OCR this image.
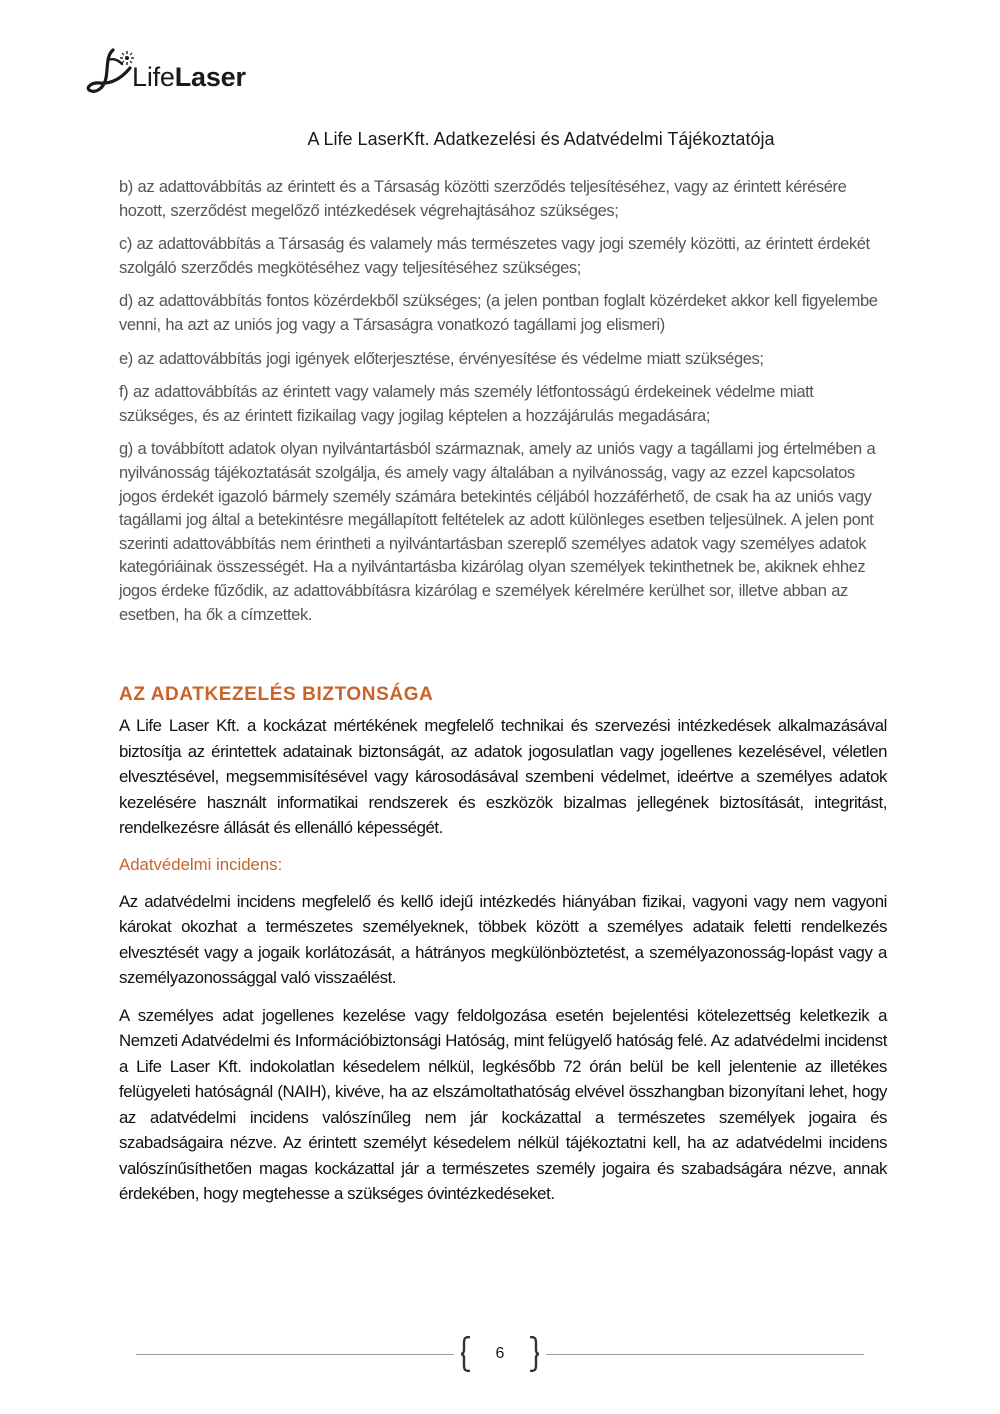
LifeLaser
A Life LaserKft. Adatkezelési és Adatvédelmi Tájékoztatója

b) az adattovábbítás az érintett és a Társaság közötti szerződés teljesítéséhez, vagy az érintett kérésére hozott, szerződést megelőző intézkedések végrehajtásához szükséges;

c) az adattovábbítás a Társaság és valamely más természetes vagy jogi személy közötti, az érintett érdekét szolgáló szerződés megkötéséhez vagy teljesítéséhez szükséges;

d) az adattovábbítás fontos közérdekből szükséges; (a jelen pontban foglalt közérdeket akkor kell figyelembe venni, ha azt az uniós jog vagy a Társaságra vonatkozó tagállami jog elismeri)

e) az adattovábbítás jogi igények előterjesztése, érvényesítése és védelme miatt szükséges;

f) az adattovábbítás az érintett vagy valamely más személy létfontosságú érdekeinek védelme miatt szükséges, és az érintett fizikailag vagy jogilag képtelen a hozzájárulás megadására;

g) a továbbított adatok olyan nyilvántartásból származnak, amely az uniós vagy a tagállami jog értelmében a nyilvánosság tájékoztatását szolgálja, és amely vagy általában a nyilvánosság, vagy az ezzel kapcsolatos jogos érdekét igazoló bármely személy számára betekintés céljából hozzáférhető, de csak ha az uniós vagy tagállami jog által a betekintésre megállapított feltételek az adott különleges esetben teljesülnek. A jelen pont szerinti adattovábbítás nem érintheti a nyilvántartásban szereplő személyes adatok vagy személyes adatok kategóriáinak összességét. Ha a nyilvántartásba kizárólag olyan személyek tekinthetnek be, akiknek ehhez jogos érdeke fűződik, az adattovábbításra kizárólag e személyek kérelmére kerülhet sor, illetve abban az esetben, ha ők a címzettek.

AZ ADATKEZELÉS BIZTONSÁGA

A Life Laser Kft. a kockázat mértékének megfelelő technikai és szervezési intézkedések alkalmazásával biztosítja az érintettek adatainak biztonságát, az adatok jogosulatlan vagy jogellenes kezelésével, véletlen elvesztésével, megsemmisítésével vagy károsodásával szembeni védelmet, ideértve a személyes adatok kezelésére használt informatikai rendszerek és eszközök bizalmas jellegének biztosítását, integritást, rendelkezésre állását és ellenálló képességét.

Adatvédelmi incidens:

Az adatvédelmi incidens megfelelő és kellő idejű intézkedés hiányában fizikai, vagyoni vagy nem vagyoni károkat okozhat a természetes személyeknek, többek között a személyes adataik feletti rendelkezés elvesztését vagy a jogaik korlátozását, a hátrányos megkülönböztetést, a személyazonosság-lopást vagy a személyazonossággal való visszaélést.

A személyes adat jogellenes kezelése vagy feldolgozása esetén bejelentési kötelezettség keletkezik a Nemzeti Adatvédelmi és Információbiztonsági Hatóság, mint felügyelő hatóság felé. Az adatvédelmi incidenst a Life Laser Kft. indokolatlan késedelem nélkül, legkésőbb 72 órán belül be kell jelentenie az illetékes felügyeleti hatóságnál (NAIH), kivéve, ha az elszámoltathatóság elvével összhangban bizonyítani lehet, hogy az adatvédelmi incidens valószínűleg nem jár kockázattal a természetes személyek jogaira és szabadságaira nézve. Az érintett személyt késedelem nélkül tájékoztatni kell, ha az adatvédelmi incidens valószínűsíthetően magas kockázattal jár a természetes személy jogaira és szabadságára nézve, annak érdekében, hogy megtehesse a szükséges óvintézkedéseket.

6
